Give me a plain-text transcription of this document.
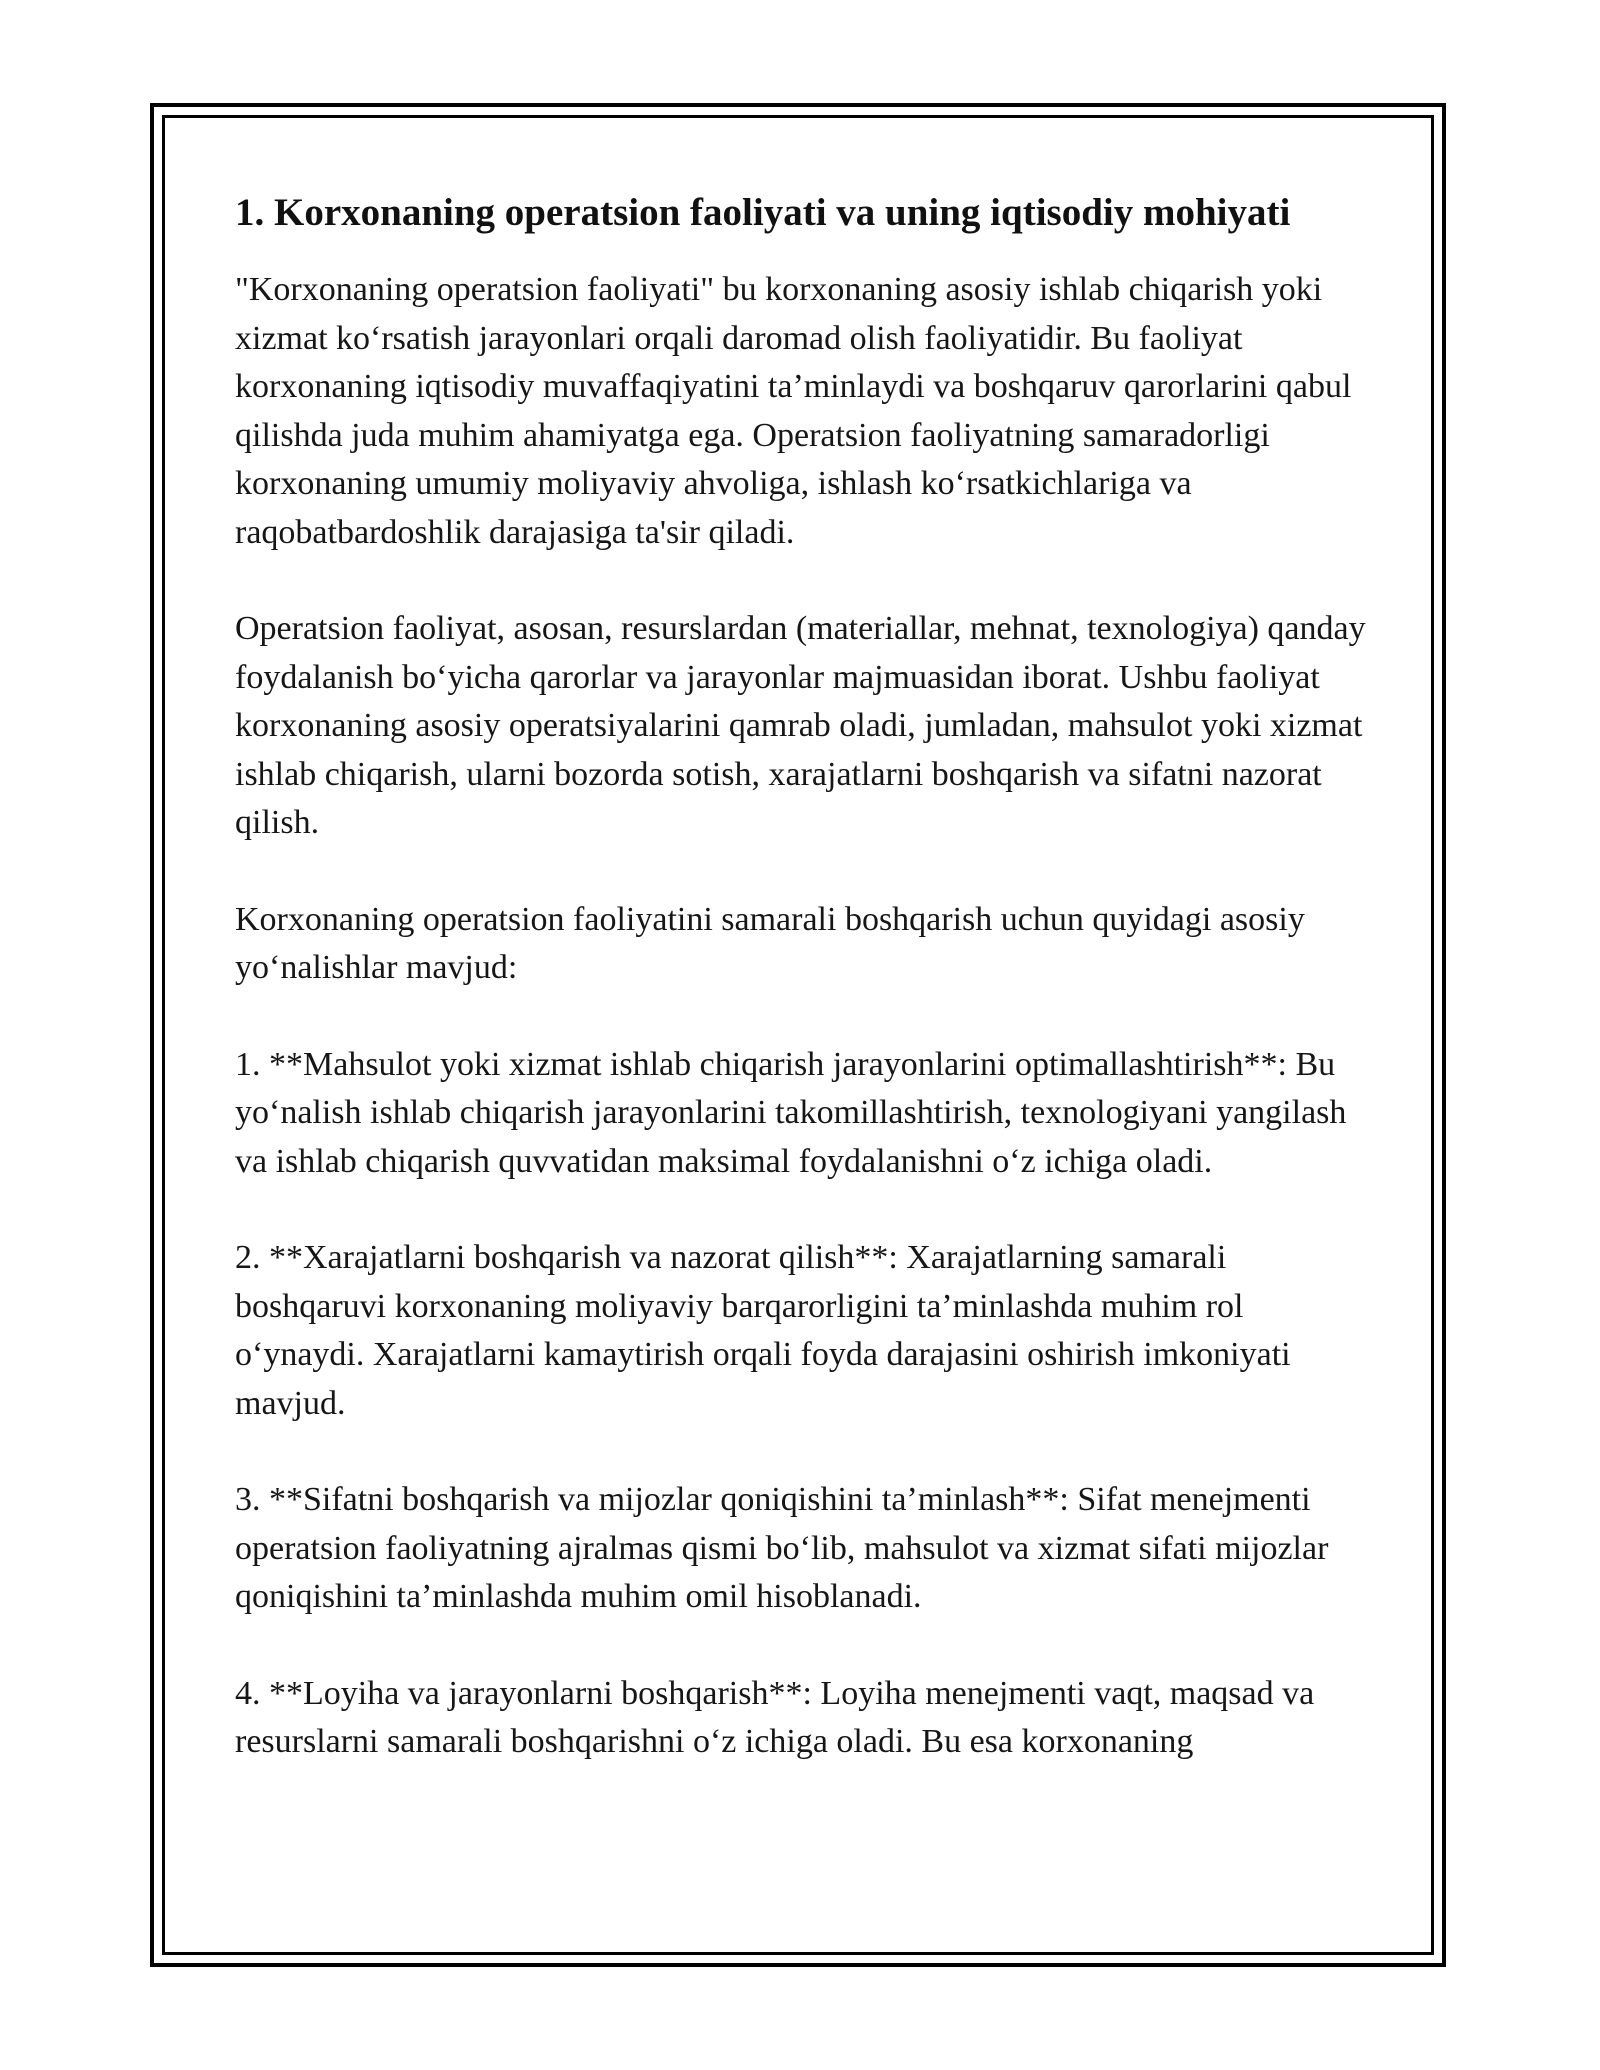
1. Korxonaning operatsion faoliyati va uning iqtisodiy mohiyati

"Korxonaning operatsion faoliyati" bu korxonaning asosiy ishlab chiqarish yoki xizmat ko‘rsatish jarayonlari orqali daromad olish faoliyatidir. Bu faoliyat korxonaning iqtisodiy muvaffaqiyatini ta’minlaydi va boshqaruv qarorlarini qabul qilishda juda muhim ahamiyatga ega. Operatsion faoliyatning samaradorligi korxonaning umumiy moliyaviy ahvoliga, ishlash ko‘rsatkichlariga va raqobatbardoshlik darajasiga ta'sir qiladi.

Operatsion faoliyat, asosan, resurslardan (materiallar, mehnat, texnologiya) qanday foydalanish bo‘yicha qarorlar va jarayonlar majmuasidan iborat. Ushbu faoliyat korxonaning asosiy operatsiyalarini qamrab oladi, jumladan, mahsulot yoki xizmat ishlab chiqarish, ularni bozorda sotish, xarajatlarni boshqarish va sifatni nazorat qilish.

Korxonaning operatsion faoliyatini samarali boshqarish uchun quyidagi asosiy yo‘nalishlar mavjud:

1. **Mahsulot yoki xizmat ishlab chiqarish jarayonlarini optimallashtirish**: Bu yo‘nalish ishlab chiqarish jarayonlarini takomillashtirish, texnologiyani yangilash va ishlab chiqarish quvvatidan maksimal foydalanishni o‘z ichiga oladi.

2. **Xarajatlarni boshqarish va nazorat qilish**: Xarajatlarning samarali boshqaruvi korxonaning moliyaviy barqarorligini ta’minlashda muhim rol o‘ynaydi. Xarajatlarni kamaytirish orqali foyda darajasini oshirish imkoniyati mavjud.

3. **Sifatni boshqarish va mijozlar qoniqishini ta’minlash**: Sifat menejmenti operatsion faoliyatning ajralmas qismi bo‘lib, mahsulot va xizmat sifati mijozlar qoniqishini ta’minlashda muhim omil hisoblanadi.

4. **Loyiha va jarayonlarni boshqarish**: Loyiha menejmenti vaqt, maqsad va resurslarni samarali boshqarishni o‘z ichiga oladi. Bu esa korxonaning
